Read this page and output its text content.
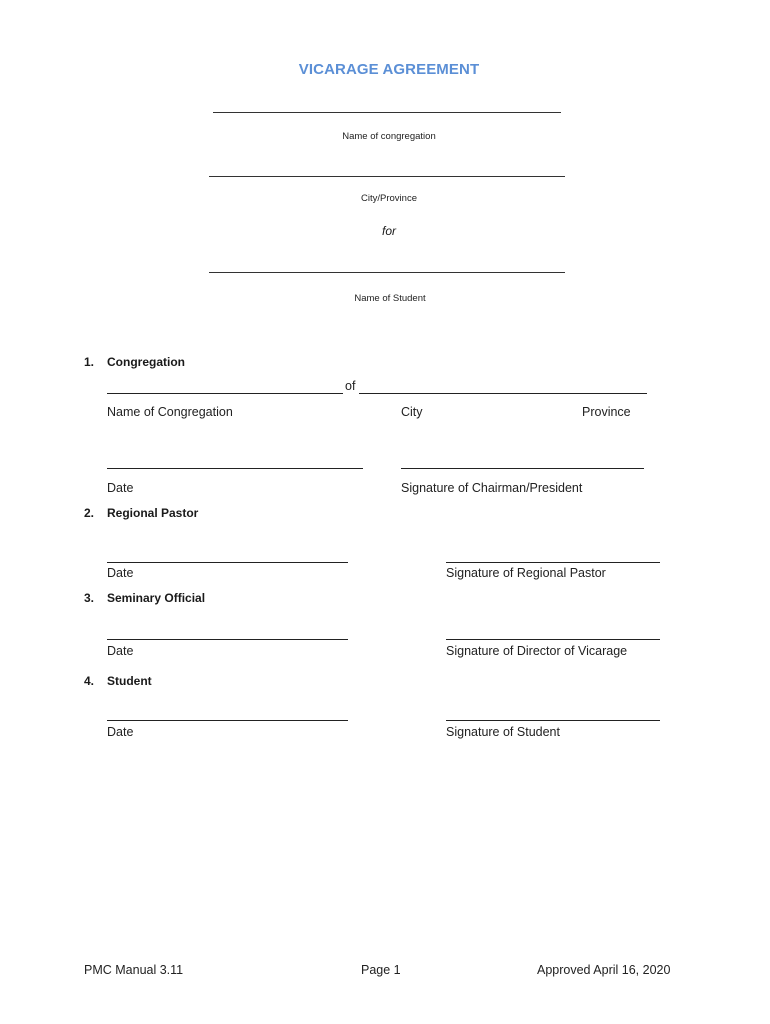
VICARAGE AGREEMENT
Name of congregation
City/Province
for
Name of Student
1. Congregation
of
Name of Congregation	City	Province
Date	Signature of Chairman/President
2. Regional Pastor
Date	Signature of Regional Pastor
3. Seminary Official
Date	Signature of Director of Vicarage
4. Student
Date	Signature of Student
PMC Manual 3.11	Page 1	Approved April 16, 2020
